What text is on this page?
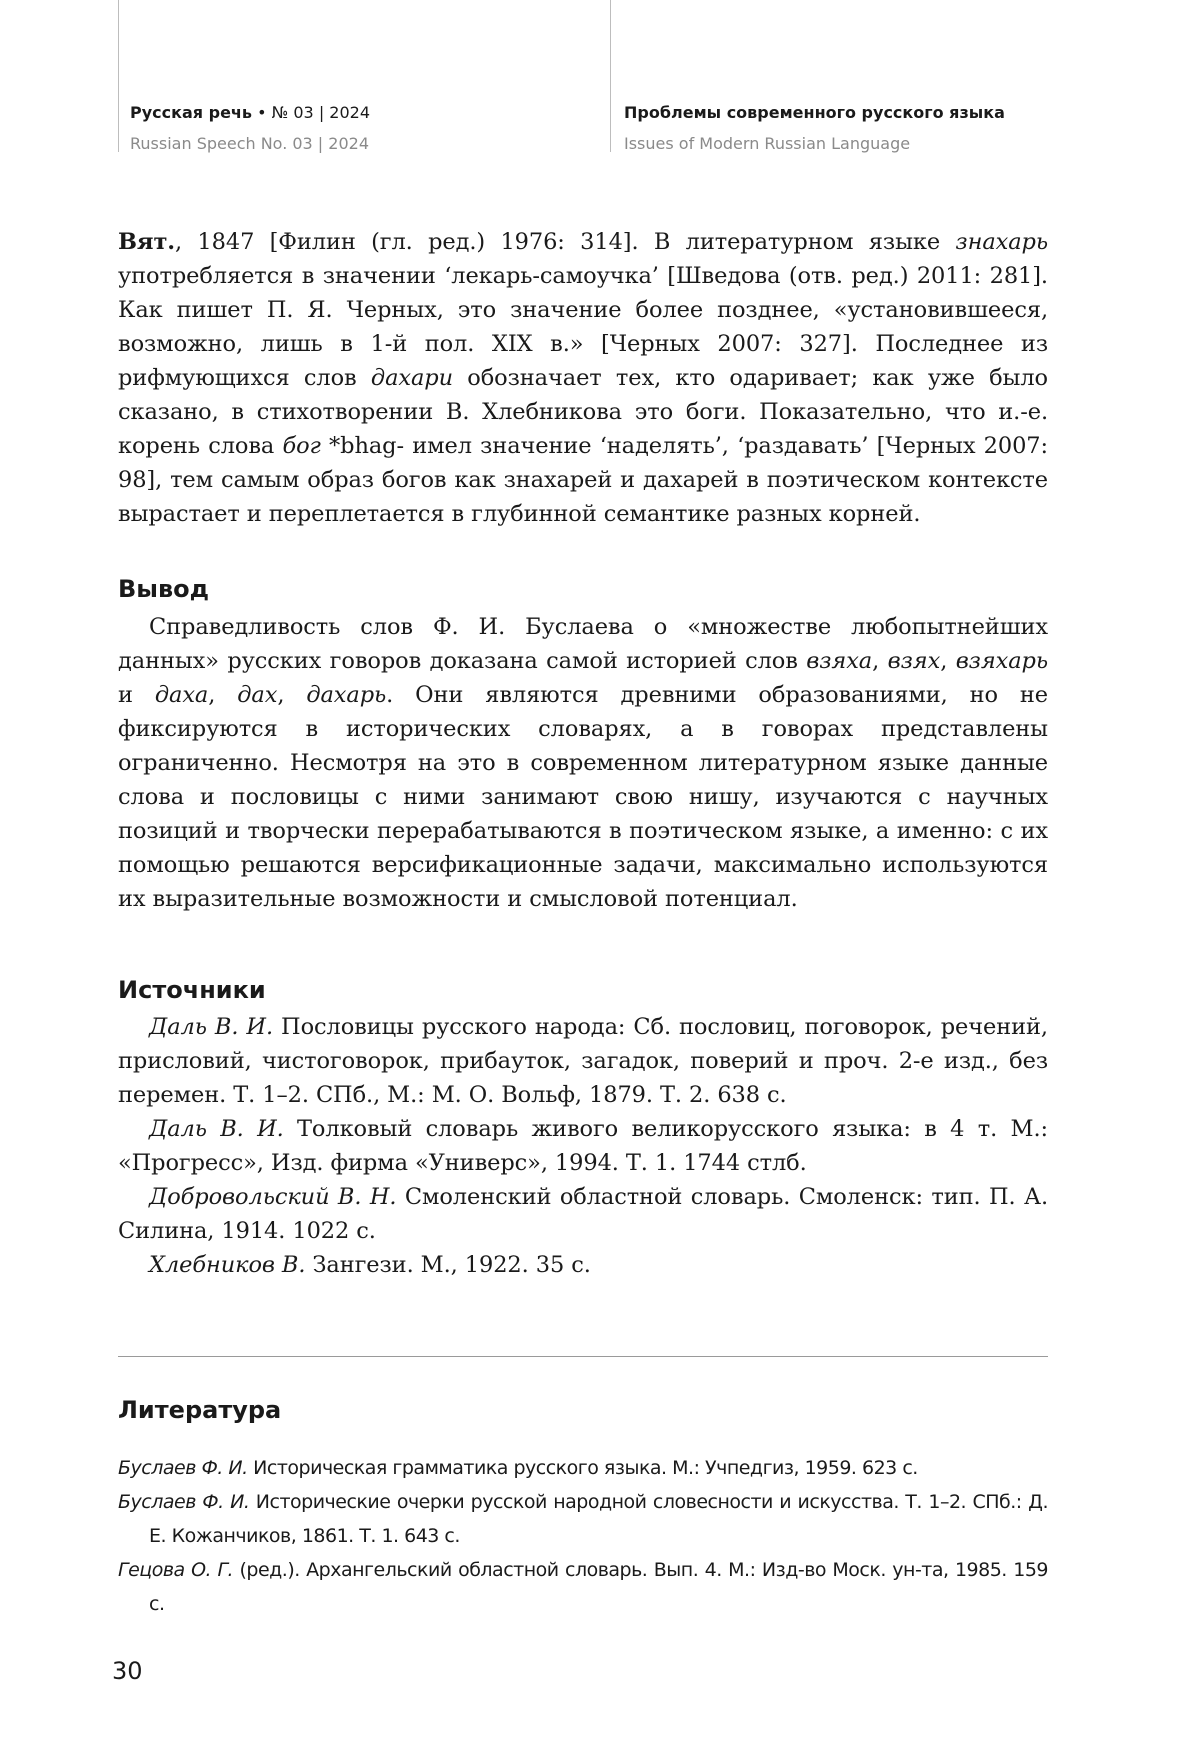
Русская речь • № 03 | 2024
Russian Speech No. 03 | 2024
Проблемы современного русского языка
Issues of Modern Russian Language

Вят., 1847 [Филин (гл. ред.) 1976: 314]. В литературном языке знахарь употребляется в значении ‘лекарь-самоучка’ [Шведова (отв. ред.) 2011: 281]. Как пишет П. Я. Черных, это значение более позднее, «установившееся, возможно, лишь в 1-й пол. XIX в.» [Черных 2007: 327]. Последнее из рифмующихся слов дахари обозначает тех, кто одаривает; как уже было сказано, в стихотворении В. Хлебникова это боги. Показательно, что и.-е. корень слова бог *bhag- имел значение ‘наделять’, ‘раздавать’ [Черных 2007: 98], тем самым образ богов как знахарей и дахарей в поэтическом контексте вырастает и переплетается в глубинной семантике разных корней.

Вывод

Справедливость слов Ф. И. Буслаева о «множестве любопытнейших данных» русских говоров доказана самой историей слов взяха, взях, взяхарь и даха, дах, дахарь. Они являются древними образованиями, но не фиксируются в исторических словарях, а в говорах представлены ограниченно. Несмотря на это в современном литературном языке данные слова и пословицы с ними занимают свою нишу, изучаются с научных позиций и творчески перерабатываются в поэтическом языке, а именно: с их помощью решаются версификационные задачи, максимально используются их выразительные возможности и смысловой потенциал.

Источники

Даль В. И. Пословицы русского народа: Сб. пословиц, поговорок, речений, присловий, чистоговорок, прибауток, загадок, поверий и проч. 2-е изд., без перемен. Т. 1–2. СПб., М.: М. О. Вольф, 1879. Т. 2. 638 с.

Даль В. И. Толковый словарь живого великорусского языка: в 4 т. М.: «Прогресс», Изд. фирма «Универс», 1994. Т. 1. 1744 стлб.

Добровольский В. Н. Смоленский областной словарь. Смоленск: тип. П. А. Силина, 1914. 1022 с.

Хлебников В. Зангези. М., 1922. 35 с.

Литература

Буслаев Ф. И. Историческая грамматика русского языка. М.: Учпедгиз, 1959. 623 с.

Буслаев Ф. И. Исторические очерки русской народной словесности и искусства. Т. 1–2. СПб.: Д. Е. Кожанчиков, 1861. Т. 1. 643 с.

Гецова О. Г. (ред.). Архангельский областной словарь. Вып. 4. М.: Изд-во Моск. ун-та, 1985. 159 с.

30
